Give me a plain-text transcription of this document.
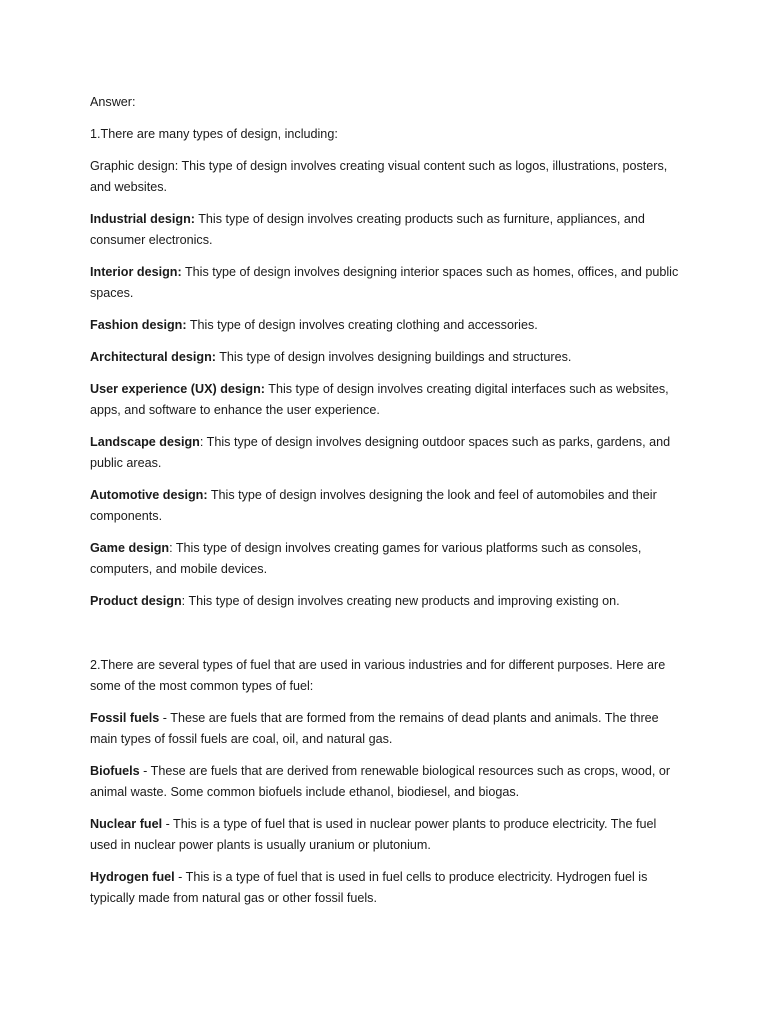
Answer:

1.There are many types of design, including:

Graphic design: This type of design involves creating visual content such as logos, illustrations, posters, and websites.

Industrial design: This type of design involves creating products such as furniture, appliances, and consumer electronics.

Interior design: This type of design involves designing interior spaces such as homes, offices, and public spaces.

Fashion design: This type of design involves creating clothing and accessories.

Architectural design: This type of design involves designing buildings and structures.

User experience (UX) design: This type of design involves creating digital interfaces such as websites, apps, and software to enhance the user experience.

Landscape design: This type of design involves designing outdoor spaces such as parks, gardens, and public areas.

Automotive design: This type of design involves designing the look and feel of automobiles and their components.

Game design: This type of design involves creating games for various platforms such as consoles, computers, and mobile devices.

Product design: This type of design involves creating new products and improving existing on.

2.There are several types of fuel that are used in various industries and for different purposes. Here are some of the most common types of fuel:

Fossil fuels - These are fuels that are formed from the remains of dead plants and animals. The three main types of fossil fuels are coal, oil, and natural gas.

Biofuels - These are fuels that are derived from renewable biological resources such as crops, wood, or animal waste. Some common biofuels include ethanol, biodiesel, and biogas.

Nuclear fuel - This is a type of fuel that is used in nuclear power plants to produce electricity. The fuel used in nuclear power plants is usually uranium or plutonium.

Hydrogen fuel - This is a type of fuel that is used in fuel cells to produce electricity. Hydrogen fuel is typically made from natural gas or other fossil fuels.
